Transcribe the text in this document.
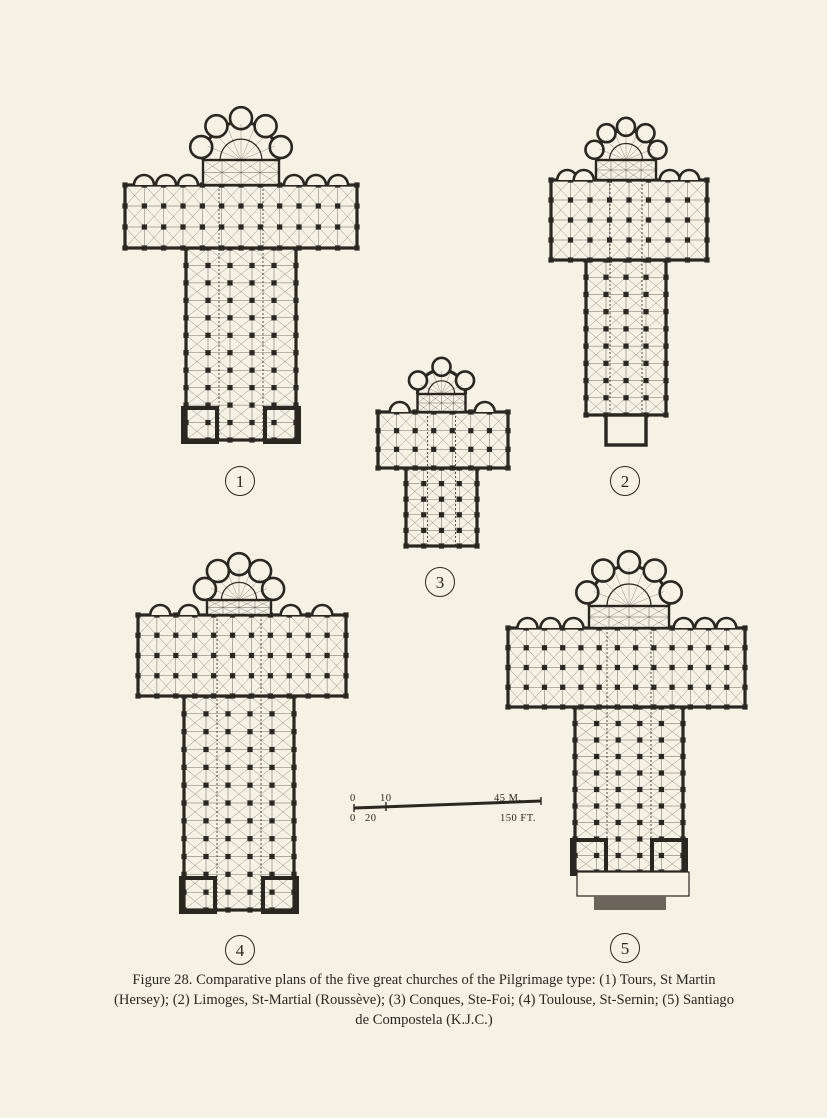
1	2
3
4	5
0 10	45 M.
0 20	150 FT.
Figure 28. Comparative plans of the five great churches of the Pilgrimage type: (1) Tours, St Martin
(Hersey); (2) Limoges, St-Martial (Roussève); (3) Conques, Ste-Foi; (4) Toulouse, St-Sernin; (5) Santiago
de Compostela (K.J.C.)
